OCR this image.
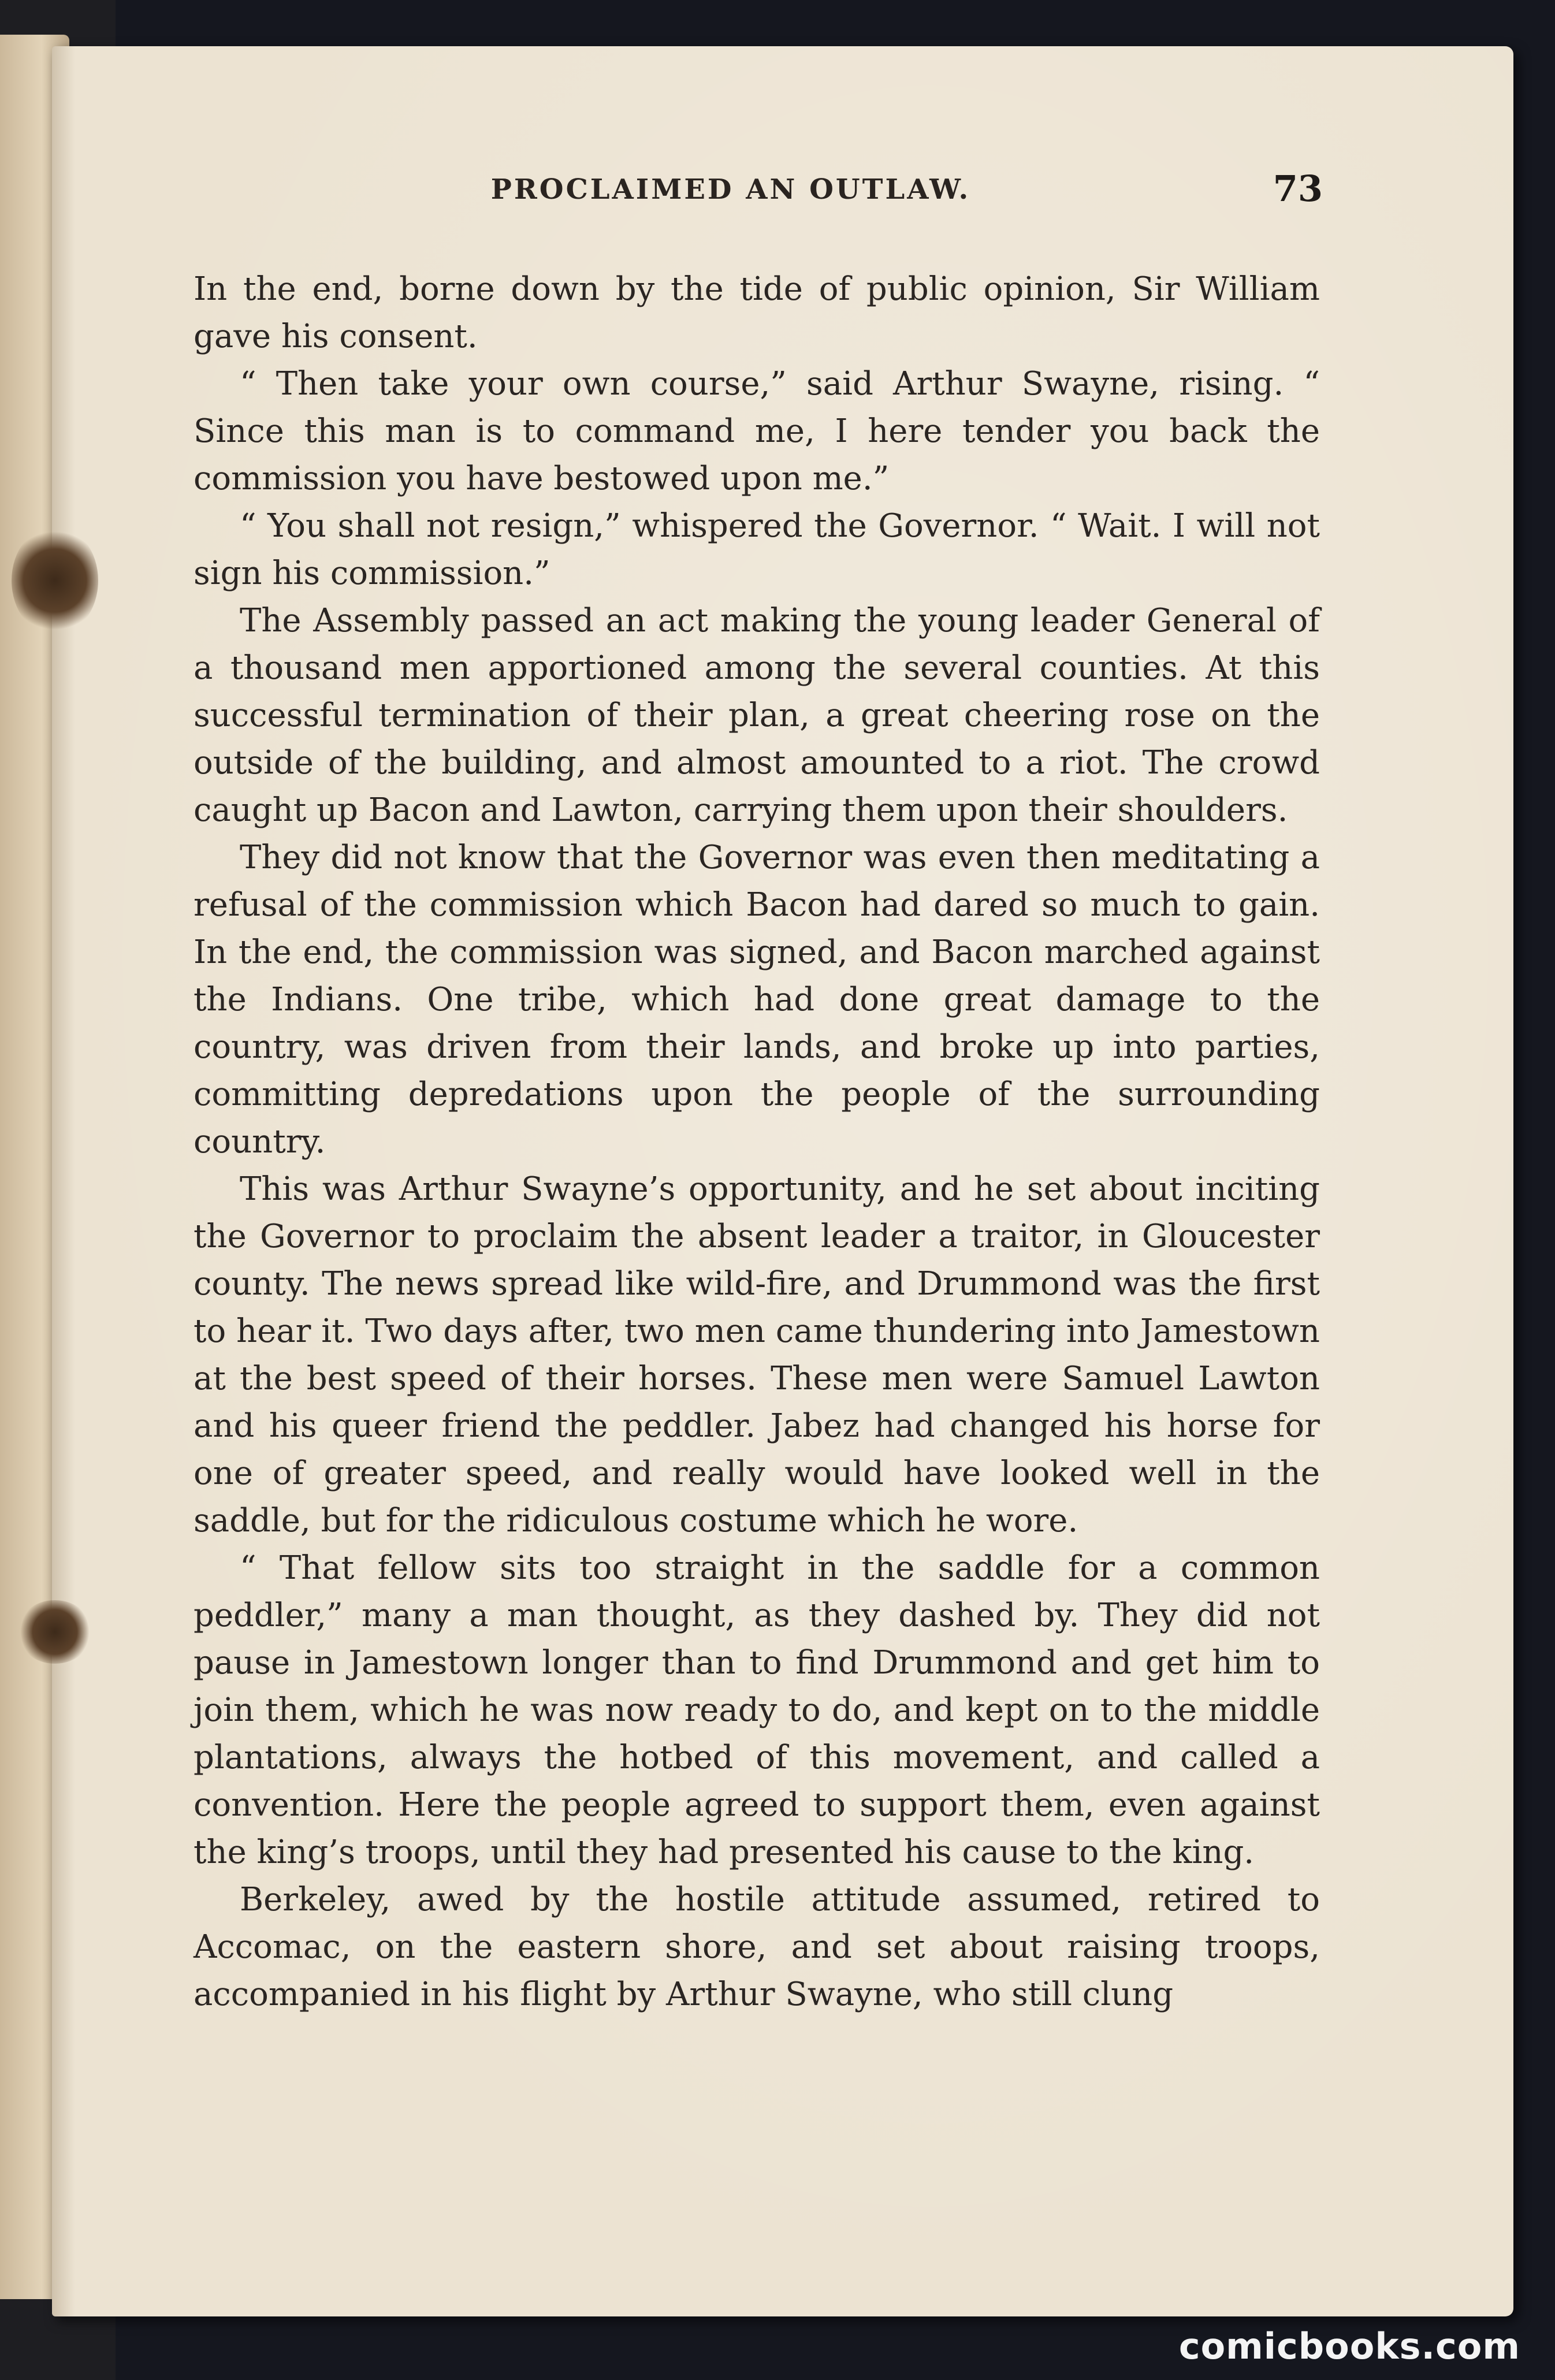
PROCLAIMED AN OUTLAW.	73

In the end, borne down by the tide of public opinion, Sir William gave his consent.

“ Then take your own course,” said Arthur Swayne, rising. “ Since this man is to command me, I here tender you back the commission you have bestowed upon me.”

“ You shall not resign,” whispered the Governor. “ Wait. I will not sign his commission.”

The Assembly passed an act making the young leader General of a thousand men apportioned among the several counties. At this successful termination of their plan, a great cheering rose on the outside of the building, and almost amounted to a riot. The crowd caught up Bacon and Lawton, carrying them upon their shoulders.

They did not know that the Governor was even then meditating a refusal of the commission which Bacon had dared so much to gain. In the end, the commission was signed, and Bacon marched against the Indians. One tribe, which had done great damage to the country, was driven from their lands, and broke up into parties, committing depredations upon the people of the surrounding country.

This was Arthur Swayne’s opportunity, and he set about inciting the Governor to proclaim the absent leader a traitor, in Gloucester county. The news spread like wild-fire, and Drummond was the first to hear it. Two days after, two men came thundering into Jamestown at the best speed of their horses. These men were Samuel Lawton and his queer friend the peddler. Jabez had changed his horse for one of greater speed, and really would have looked well in the saddle, but for the ridiculous costume which he wore.

“ That fellow sits too straight in the saddle for a common peddler,” many a man thought, as they dashed by. They did not pause in Jamestown longer than to find Drummond and get him to join them, which he was now ready to do, and kept on to the middle plantations, always the hotbed of this movement, and called a convention. Here the people agreed to support them, even against the king’s troops, until they had presented his cause to the king.

Berkeley, awed by the hostile attitude assumed, retired to Accomac, on the eastern shore, and set about raising troops, accompanied in his flight by Arthur Swayne, who still clung

comicbooks.com
